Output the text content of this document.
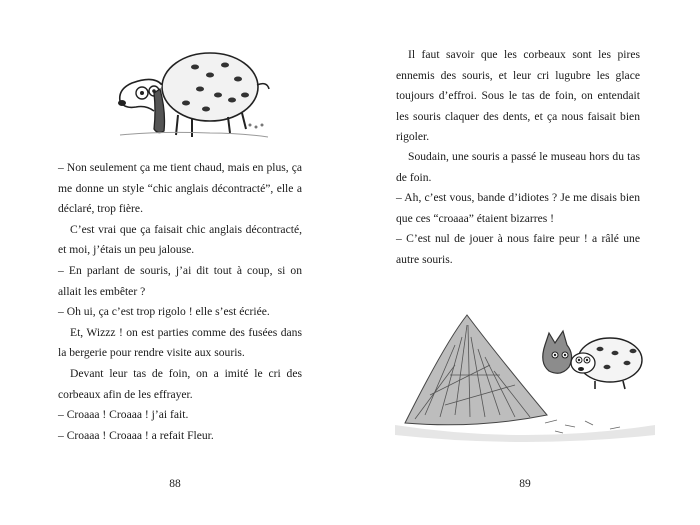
– Non seulement ça me tient chaud, mais en plus, ça me donne un style “chic anglais décontracté”, elle a déclaré, trop fière.

C’est vrai que ça faisait chic anglais décontracté, et moi, j’étais un peu jalouse.

– En parlant de souris, j’ai dit tout à coup, si on allait les embêter ?

– Oh ui, ça c’est trop rigolo ! elle s’est écriée.

Et, Wizzz ! on est parties comme des fusées dans la bergerie pour rendre visite aux souris.

Devant leur tas de foin, on a imité le cri des corbeaux afin de les effrayer.

– Croaaa ! Croaaa ! j’ai fait.

– Croaaa ! Croaaa ! a refait Fleur.

88

Il faut savoir que les corbeaux sont les pires ennemis des souris, et leur cri lugubre les glace toujours d’effroi. Sous le tas de foin, on entendait les souris claquer des dents, et ça nous faisait bien rigoler.

Soudain, une souris a passé le museau hors du tas de foin.

– Ah, c’est vous, bande d’idiotes ? Je me disais bien que ces “croaaa” étaient bizarres !

– C’est nul de jouer à nous faire peur ! a râlé une autre souris.

89
